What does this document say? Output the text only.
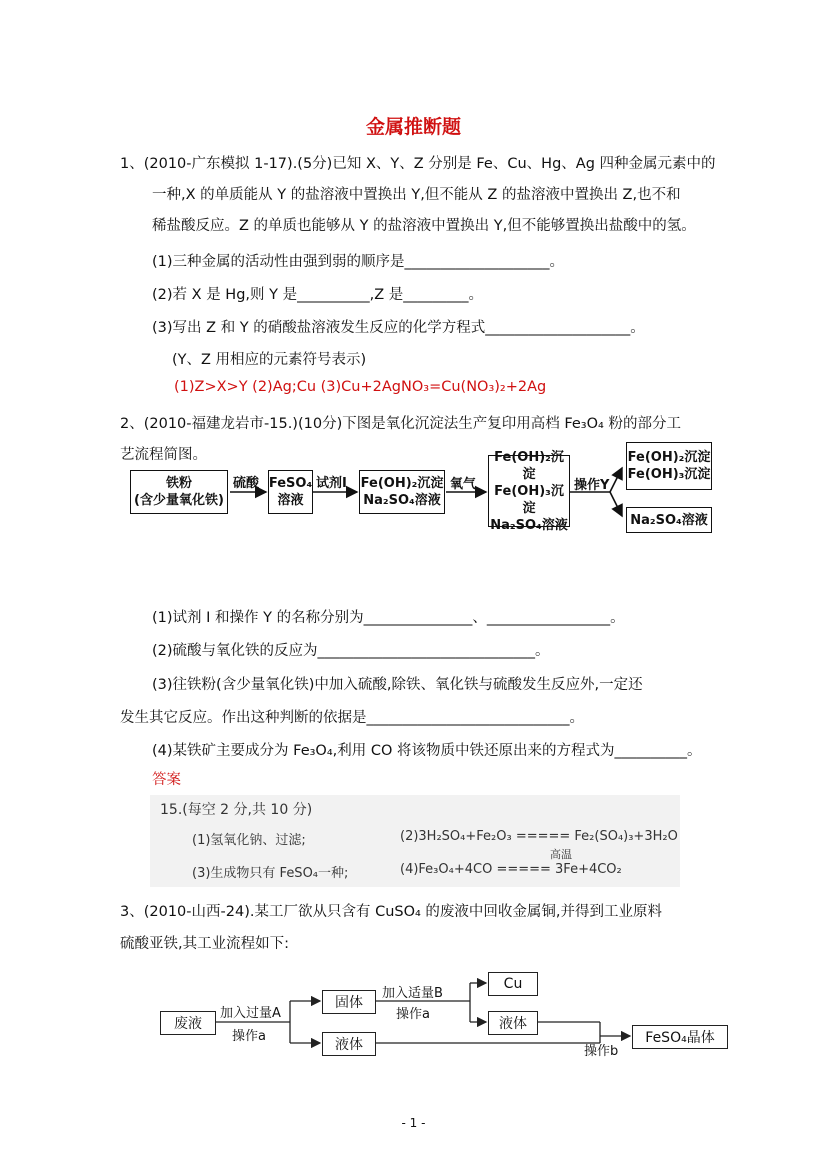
金属推断题
1、(2010-广东模拟 1-17).(5分)已知 X、Y、Z 分别是 Fe、Cu、Hg、Ag 四种金属元素中的
一种,X 的单质能从 Y 的盐溶液中置换出 Y,但不能从 Z 的盐溶液中置换出 Z,也不和
稀盐酸反应。Z 的单质也能够从 Y 的盐溶液中置换出 Y,但不能够置换出盐酸中的氢。
(1)三种金属的活动性由强到弱的顺序是____________________。
(2)若 X 是 Hg,则 Y 是__________,Z 是_________。
(3)写出 Z 和 Y 的硝酸盐溶液发生反应的化学方程式____________________。
(Y、Z 用相应的元素符号表示)
(1)Z>X>Y (2)Ag;Cu (3)Cu+2AgNO₃=Cu(NO₃)₂+2Ag
2、(2010-福建龙岩市-15.)(10分)下图是氧化沉淀法生产复印用高档 Fe₃O₄ 粉的部分工
艺流程简图。
铁粉
(含少量氧化铁)
硫酸 FeSO₄
溶液
试剂Ⅰ Fe(OH)₂沉淀
Na₂SO₄溶液
氧气
Fe(OH)₂沉淀
Fe(OH)₃沉淀
Na₂SO₄溶液
操作Y
Fe(OH)₂沉淀
Fe(OH)₃沉淀
Na₂SO₄溶液
(1)试剂 I 和操作 Y 的名称分别为_______________、_________________。
(2)硫酸与氧化铁的反应为______________________________。
(3)往铁粉(含少量氧化铁)中加入硫酸,除铁、氧化铁与硫酸发生反应外,一定还
发生其它反应。作出这种判断的依据是____________________________。
(4)某铁矿主要成分为 Fe₃O₄,利用 CO 将该物质中铁还原出来的方程式为__________。
答案
15.(每空 2 分,共 10 分)
(1)氢氧化钠、过滤;	(2)3H₂SO₄+Fe₂O₃ ===== Fe₂(SO₄)₃+3H₂O
高温
(3)生成物只有 FeSO₄一种;	(4)Fe₃O₄+4CO ===== 3Fe+4CO₂
3、(2010-山西-24).某工厂欲从只含有 CuSO₄ 的废液中回收金属铜,并得到工业原料
硫酸亚铁,其工业流程如下:
废液
加入过量A
操作a
固体
液体
加入适量B
操作a
Cu
液体
操作b
FeSO₄晶体
- 1 -
